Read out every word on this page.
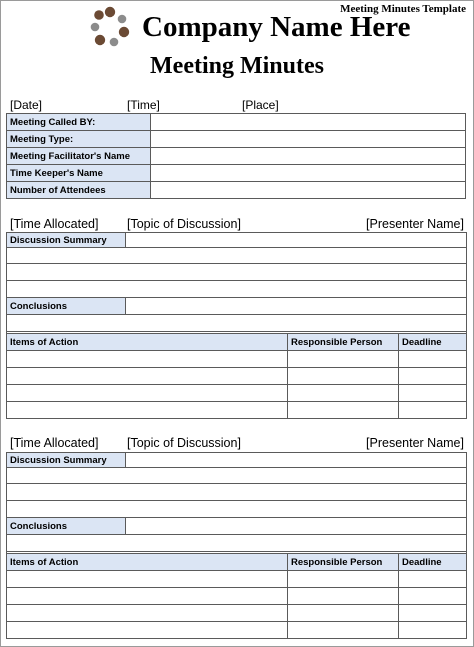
Meeting Minutes Template
Company Name Here
Meeting Minutes
[Date]	[Time]	[Place]
Meeting Called BY:	
Meeting Type:	
Meeting Facilitator's Name	
Time Keeper's Name	
Number of Attendees	
[Time Allocated] [Topic of Discussion]	[Presenter Name]
Discussion Summary	

Conclusions	

Items of Action	Responsible Person	Deadline

[Time Allocated] [Topic of Discussion]	[Presenter Name]
Discussion Summary	

Conclusions	

Items of Action	Responsible Person	Deadline
